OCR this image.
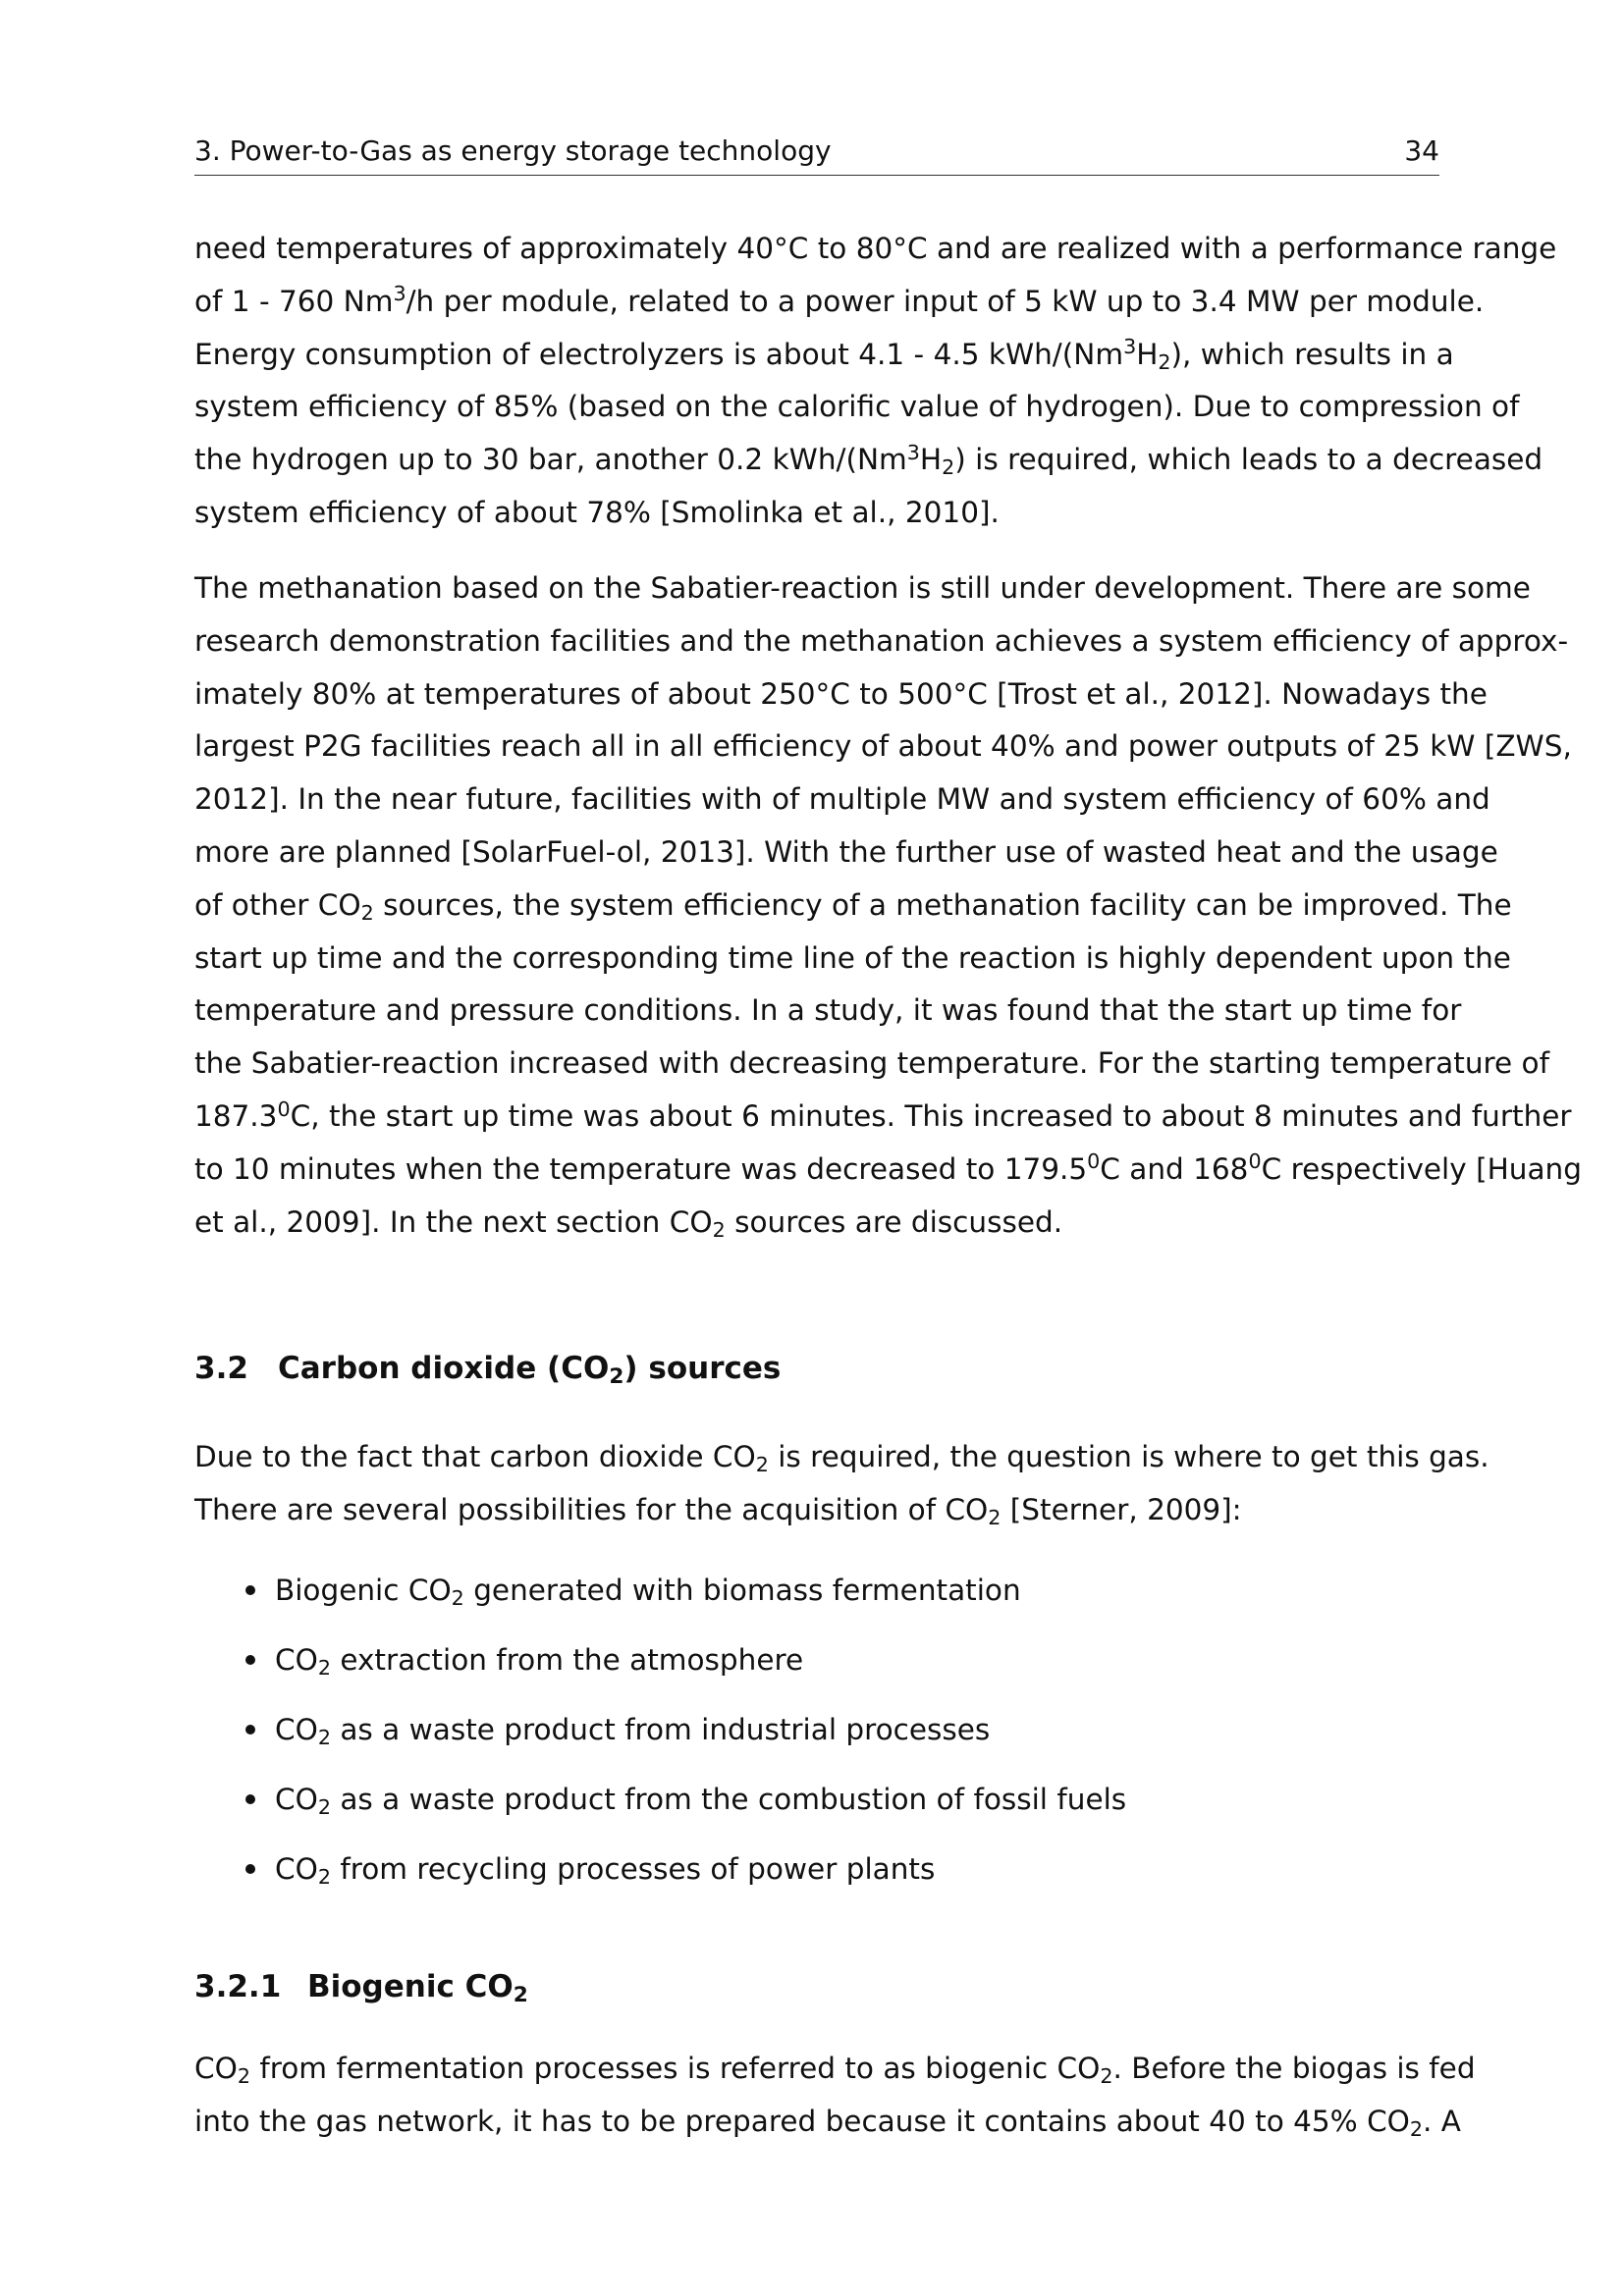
3. Power-to-Gas as energy storage technology	34
need temperatures of approximately 40°C to 80°C and are realized with a performance range
of 1 - 760 Nm$^3$/h per module, related to a power input of 5 kW up to 3.4 MW per module.
Energy consumption of electrolyzers is about 4.1 - 4.5 kWh/$(Nm^3H_2)$, which results in a
system efficiency of 85% (based on the calorific value of hydrogen). Due to compression of
the hydrogen up to 30 bar, another 0.2 kWh/$(Nm^3H_2)$ is required, which leads to a decreased
system efficiency of about 78% [Smolinka et al., 2010].
The methanation based on the Sabatier-reaction is still under development. There are some
research demonstration facilities and the methanation achieves a system efficiency of approx-
imately 80% at temperatures of about 250°C to 500°C [Trost et al., 2012]. Nowadays the
largest P2G facilities reach all in all efficiency of about 40% and power outputs of 25 kW [ZWS,
2012]. In the near future, facilities with of multiple MW and system efficiency of 60% and
more are planned [SolarFuel-ol, 2013]. With the further use of wasted heat and the usage
of other $CO_2$ sources, the system efficiency of a methanation facility can be improved. The
start up time and the corresponding time line of the reaction is highly dependent upon the
temperature and pressure conditions. In a study, it was found that the start up time for
the Sabatier-reaction increased with decreasing temperature. For the starting temperature of
187.3$^0$C, the start up time was about 6 minutes. This increased to about 8 minutes and further
to 10 minutes when the temperature was decreased to 179.5$^0$C and $168^0C$ respectively [Huang
et al., 2009]. In the next section $CO_2$ sources are discussed.
3.2 Carbon dioxide $(CO_2)$ sources
Due to the fact that carbon dioxide $CO_2$ is required, the question is where to get this gas.
There are several possibilities for the acquisition of $CO_2$ [Sterner, 2009]:
Biogenic $CO_2$ generated with biomass fermentation
$CO_2$ extraction from the atmosphere
$CO_2$ as a waste product from industrial processes
$CO_2$ as a waste product from the combustion of fossil fuels
$CO_2$ from recycling processes of power plants
3.2.1 Biogenic $CO_2$
$CO_2$ from fermentation processes is referred to as biogenic $CO_2$. Before the biogas is fed
into the gas network, it has to be prepared because it contains about 40 to 45% $CO_2$. A
